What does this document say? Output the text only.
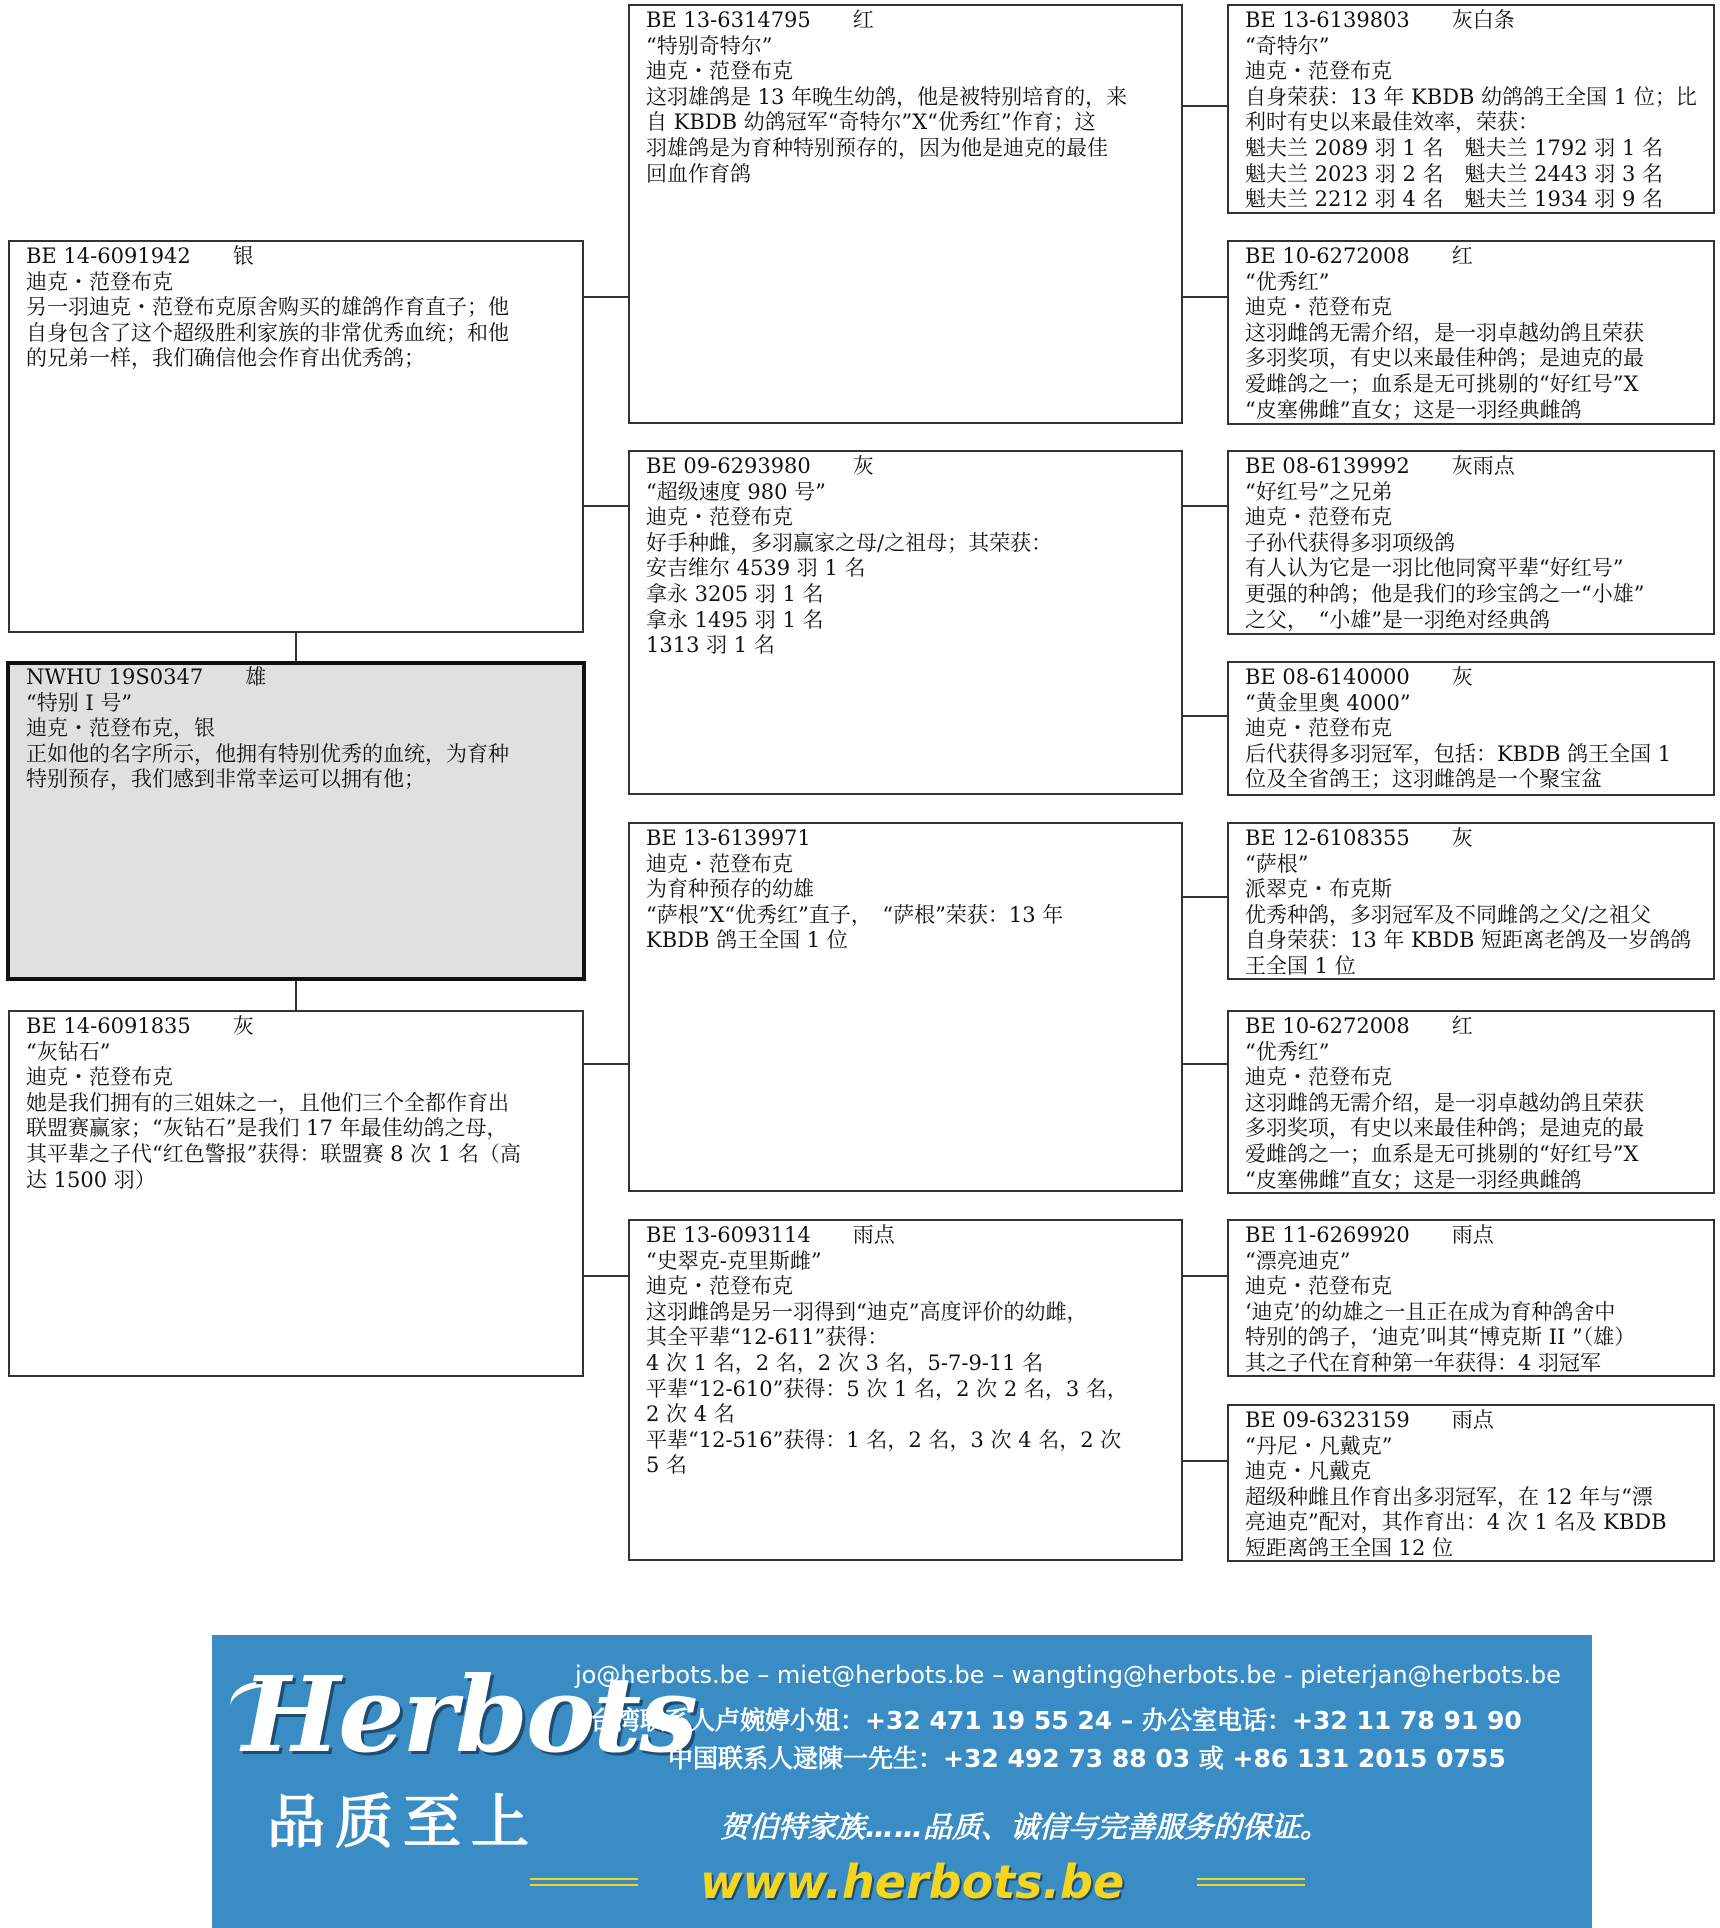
BE 14-6091942　　银
迪克・范登布克
另一羽迪克・范登布克原舍购买的雄鸽作育直子；他
自身包含了这个超级胜利家族的非常优秀血统；和他
的兄弟一样，我们确信他会作育出优秀鸽；
NWHU 19S0347　　雄
“特别 I 号”
迪克・范登布克，银
正如他的名字所示，他拥有特别优秀的血统，为育种
特别预存，我们感到非常幸运可以拥有他；
BE 14-6091835　　灰
“灰钻石”
迪克・范登布克
她是我们拥有的三姐妹之一，且他们三个全都作育出
联盟赛赢家；“灰钻石”是我们 17 年最佳幼鸽之母，
其平辈之子代“红色警报”获得：联盟赛 8 次 1 名（高
达 1500 羽）
BE 13-6314795　　红
“特别奇特尔”
迪克・范登布克
这羽雄鸽是 13 年晚生幼鸽，他是被特别培育的，来
自 KBDB 幼鸽冠军“奇特尔”X“优秀红”作育；这
羽雄鸽是为育种特别预存的，因为他是迪克的最佳
回血作育鸽
BE 09-6293980　　灰
“超级速度 980 号”
迪克・范登布克
好手种雌，多羽赢家之母/之祖母；其荣获：
安吉维尔 4539 羽 1 名
拿永 3205 羽 1 名
拿永 1495 羽 1 名
1313 羽 1 名
BE 13-6139971
迪克・范登布克
为育种预存的幼雄
“萨根”X“优秀红”直子，　“萨根”荣获：13 年
KBDB 鸽王全国 1 位
BE 13-6093114　　雨点
“史翠克-克里斯雌”
迪克・范登布克
这羽雌鸽是另一羽得到“迪克”高度评价的幼雌，
其全平辈“12-611”获得：
4 次 1 名，2 名，2 次 3 名，5-7-9-11 名
平辈“12-610”获得：5 次 1 名，2 次 2 名，3 名，
2 次 4 名
平辈“12-516”获得：1 名，2 名，3 次 4 名，2 次
5 名
BE 13-6139803　　灰白条
“奇特尔”
迪克・范登布克
自身荣获：13 年 KBDB 幼鸽鸽王全国 1 位；比
利时有史以来最佳效率，荣获：
魁夫兰 2089 羽 1 名　魁夫兰 1792 羽 1 名
魁夫兰 2023 羽 2 名　魁夫兰 2443 羽 3 名
魁夫兰 2212 羽 4 名　魁夫兰 1934 羽 9 名
BE 10-6272008　　红
“优秀红”
迪克・范登布克
这羽雌鸽无需介绍，是一羽卓越幼鸽且荣获
多羽奖项，有史以来最佳种鸽；是迪克的最
爱雌鸽之一；血系是无可挑剔的“好红号”X
“皮塞佛雌”直女；这是一羽经典雌鸽
BE 08-6139992　　灰雨点
“好红号”之兄弟
迪克・范登布克
子孙代获得多羽项级鸽
有人认为它是一羽比他同窝平辈“好红号”
更强的种鸽；他是我们的珍宝鸽之一“小雄”
之父，　“小雄”是一羽绝对经典鸽
BE 08-6140000　　灰
“黄金里奥 4000”
迪克・范登布克
后代获得多羽冠军，包括：KBDB 鸽王全国 1
位及全省鸽王；这羽雌鸽是一个聚宝盆
BE 12-6108355　　灰
“萨根”
派翠克・布克斯
优秀种鸽，多羽冠军及不同雌鸽之父/之祖父
自身荣获：13 年 KBDB 短距离老鸽及一岁鸽鸽
王全国 1 位
BE 10-6272008　　红
“优秀红”
迪克・范登布克
这羽雌鸽无需介绍，是一羽卓越幼鸽且荣获
多羽奖项，有史以来最佳种鸽；是迪克的最
爱雌鸽之一；血系是无可挑剔的“好红号”X
“皮塞佛雌”直女；这是一羽经典雌鸽
BE 11-6269920　　雨点
“漂亮迪克”
迪克・范登布克
‘迪克’的幼雄之一且正在成为育种鸽舍中
特别的鸽子，‘迪克’叫其“博克斯 II ”（雄）
其之子代在育种第一年获得：4 羽冠军
BE 09-6323159　　雨点
“丹尼・凡戴克”
迪克・凡戴克
超级种雌且作育出多羽冠军，在 12 年与“漂
亮迪克”配对，其作育出：4 次 1 名及 KBDB
短距离鸽王全国 12 位
Herbots
品质至上
jo@herbots.be – miet@herbots.be – wangting@herbots.be - pieterjan@herbots.be
台湾联系人卢婉婷小姐：+32 471 19 55 24 – 办公室电话：+32 11 78 91 90
中国联系人逯陳一先生：+32 492 73 88 03 或 +86 131 2015 0755
贺伯特家族……品质、诚信与完善服务的保证。
www.herbots.be
